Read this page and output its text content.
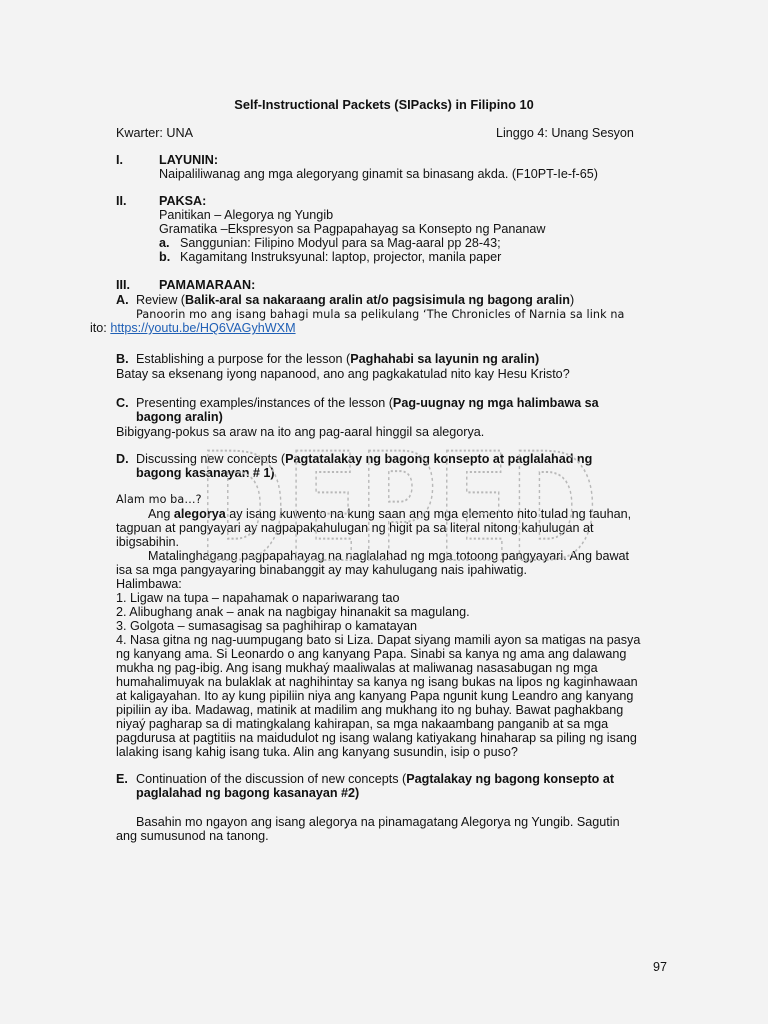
Self-Instructional Packets (SIPacks) in Filipino 10
Kwarter: UNA	Linggo 4: Unang Sesyon
I.	LAYUNIN:
Naipaliliwanag ang mga alegoryang ginamit sa binasang akda. (F10PT-Ie-f-65)
II.	PAKSA:
Panitikan – Alegorya ng Yungib
Gramatika –Ekspresyon sa Pagpapahayag sa Konsepto ng Pananaw
a. Sanggunian: Filipino Modyul para sa Mag-aaral pp 28-43;
b. Kagamitang Instruksyunal: laptop, projector, manila paper
III. PAMAMARAAN:
A. Review (Balik-aral sa nakaraang aralin at/o pagsisimula ng bagong aralin)
Panoorin mo ang isang bahagi mula sa pelikulang ‘The Chronicles of Narnia sa link na
ito: https://youtu.be/HQ6VAGyhWXM
B. Establishing a purpose for the lesson (Paghahabi sa layunin ng aralin)
Batay sa eksenang iyong napanood, ano ang pagkakatulad nito kay Hesu Kristo?
C. Presenting examples/instances of the lesson (Pag-uugnay ng mga halimbawa sa
bagong aralin)
Bibigyang-pokus sa araw na ito ang pag-aaral hinggil sa alegorya.
D. Discussing new concepts (Pagtatalakay ng bagong konsepto at paglalahad ng
bagong kasanayan # 1)
Alam mo ba…?
Ang alegorya ay isang kuwento na kung saan ang mga elemento nito tulad ng tauhan,
tagpuan at pangyayari ay nagpapakahulugan ng higit pa sa literal nitong kahulugan at
ibigsabihin.
Matalinghagang pagpapahayag na naglalahad ng mga totoong pangyayari. Ang bawat
isa sa mga pangyayaring binabanggit ay may kahulugang nais ipahiwatig.
Halimbawa:
1. Ligaw na tupa – napahamak o napariwarang tao
2. Alibughang anak – anak na nagbigay hinanakit sa magulang.
3. Golgota – sumasagisag sa paghihirap o kamatayan
4. Nasa gitna ng nag-uumpugang bato si Liza. Dapat siyang mamili ayon sa matigas na pasya
ng kanyang ama. Si Leonardo o ang kanyang Papa. Sinabi sa kanya ng ama ang dalawang
mukha ng pag-ibig. Ang isang mukhaý maaliwalas at maliwanag nasasabugan ng mga
humahalimuyak na bulaklak at naghihintay sa kanya ng isang bukas na lipos ng kaginhawaan
at kaligayahan. Ito ay kung pipiliin niya ang kanyang Papa ngunit kung Leandro ang kanyang
pipiliin ay iba. Madawag, matinik at madilim ang mukhang ito ng buhay. Bawat paghakbang
niyaý pagharap sa di matingkalang kahirapan, sa mga nakaambang panganib at sa mga
pagdurusa at pagtitiis na maidudulot ng isang walang katiyakang hinaharap sa piling ng isang
lalaking isang kahig isang tuka. Alin ang kanyang susundin, isip o puso?
E. Continuation of the discussion of new concepts (Pagtalakay ng bagong konsepto at
paglalahad ng bagong kasanayan #2)
Basahin mo ngayon ang isang alegorya na pinamagatang Alegorya ng Yungib. Sagutin
ang sumusunod na tanong.
97
DEPED
